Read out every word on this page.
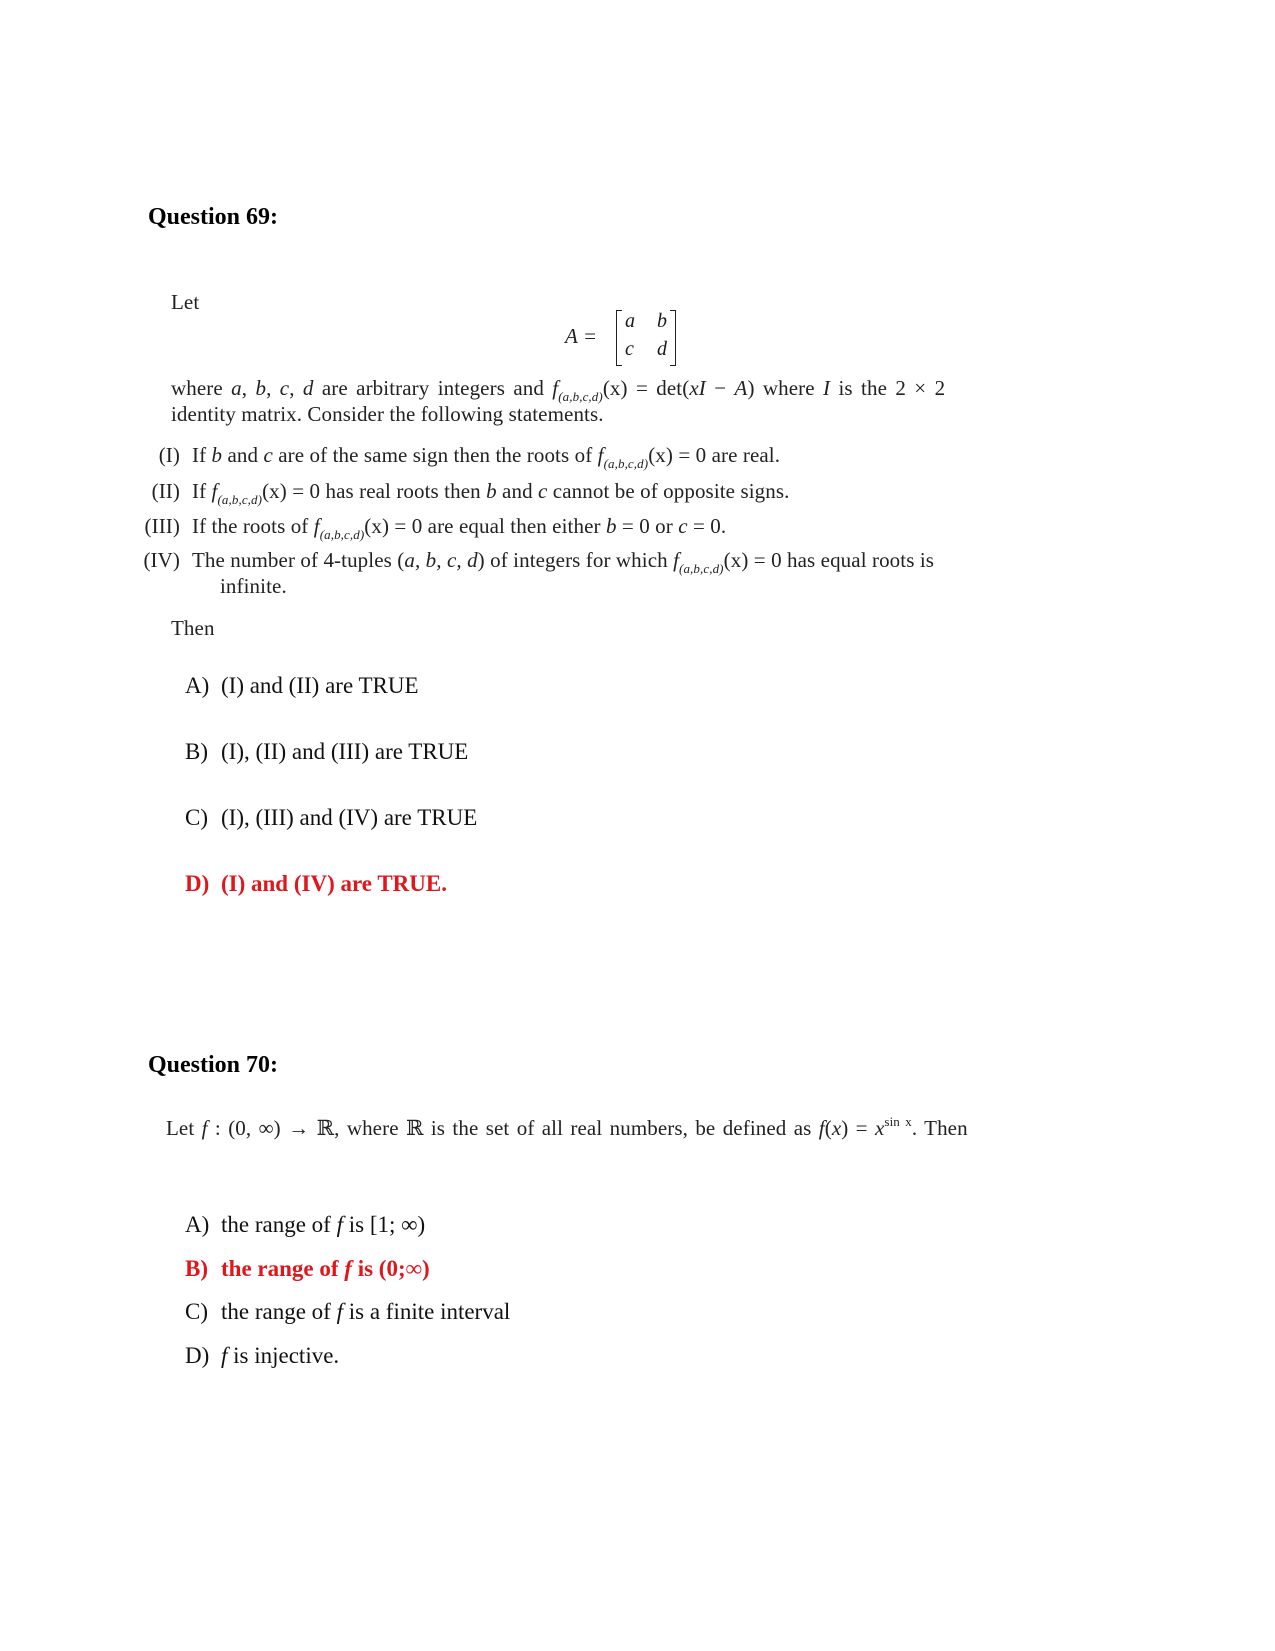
Question 69:
Let
A =
a b
c d
where a, b, c, d are arbitrary integers and $f_{(a,b,c,d)}(x) = \det(xI - A)$ where I is the 2 × 2
identity matrix. Consider the following statements.
(I) If b and c are of the same sign then the roots of $f_{(a,b,c,d)}(x) = 0$ are real.
(II) If $f_{(a,b,c,d)}(x) = 0$ has real roots then b and c cannot be of opposite signs.
(III) If the roots of $f_{(a,b,c,d)}(x) = 0$ are equal then either b = 0 or c = 0.
(IV) The number of 4-tuples (a, b, c, d) of integers for which $f_{(a,b,c,d)}(x) = 0$ has equal roots is
infinite.
Then
A) (I) and (II) are TRUE
B) (I), (II) and (III) are TRUE
C) (I), (III) and (IV) are TRUE
D) (I) and (IV) are TRUE.
Question 70:
Let f : (0, ∞) → ℝ, where ℝ is the set of all real numbers, be defined as $f(x) = x^{sin x}$. Then
A) the range of f is [1; ∞)
B) the range of f is (0;∞)
C) the range of f is a finite interval
D) f is injective.
